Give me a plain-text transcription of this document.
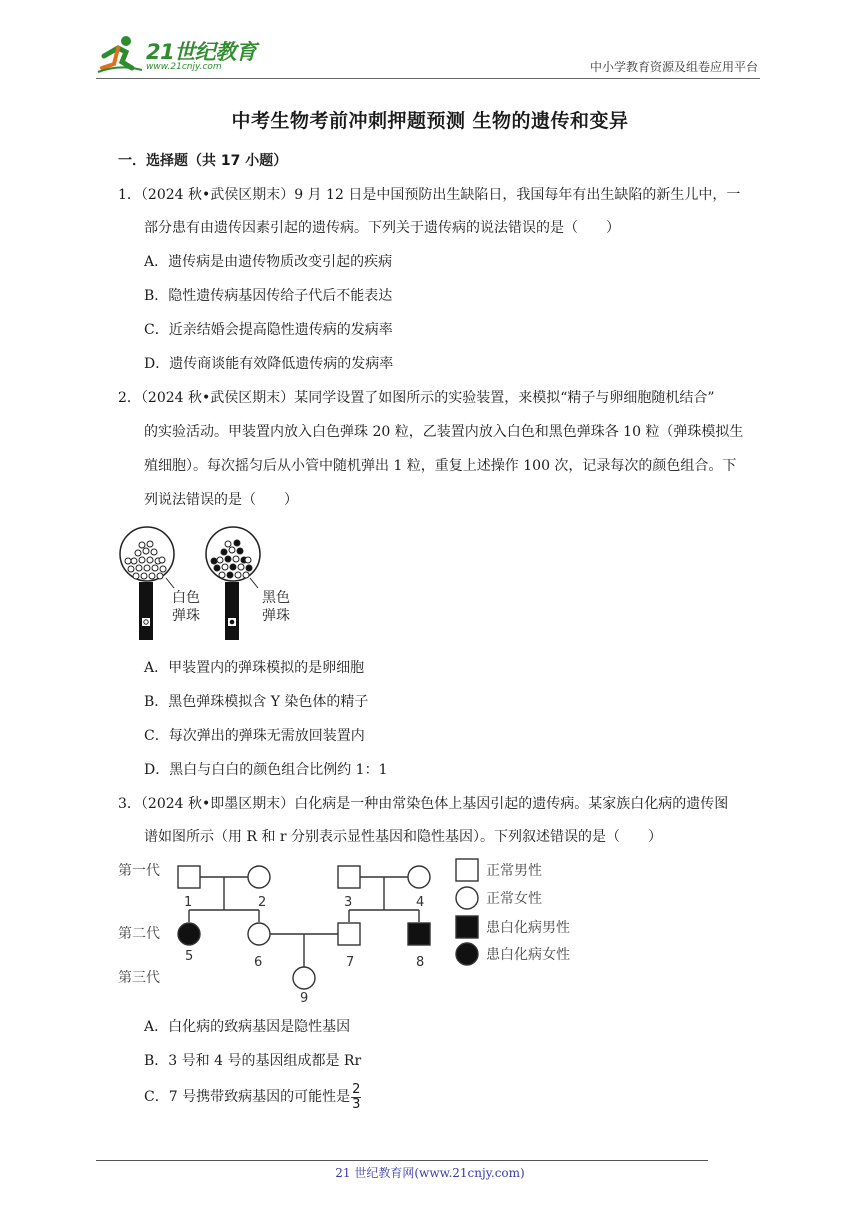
21世纪教育
www.21cnjy.com	中小学教育资源及组卷应用平台
中考生物考前冲刺押题预测 生物的遗传和变异
一．选择题（共 17 小题）
1．（2024 秋•武侯区期末）9 月 12 日是中国预防出生缺陷日，我国每年有出生缺陷的新生儿中，一
部分患有由遗传因素引起的遗传病。下列关于遗传病的说法错误的是（　　）
A．遗传病是由遗传物质改变引起的疾病
B．隐性遗传病基因传给子代后不能表达
C．近亲结婚会提高隐性遗传病的发病率
D．遗传商谈能有效降低遗传病的发病率
2．（2024 秋•武侯区期末）某同学设置了如图所示的实验装置，来模拟“精子与卵细胞随机结合”
的实验活动。甲装置内放入白色弹珠 20 粒，乙装置内放入白色和黑色弹珠各 10 粒（弹珠模拟生
殖细胞）。每次摇匀后从小管中随机弹出 1 粒，重复上述操作 100 次，记录每次的颜色组合。下
列说法错误的是（　　）
白色
弹珠
黑色
弹珠
A．甲装置内的弹珠模拟的是卵细胞
B．黑色弹珠模拟含 Y 染色体的精子
C．每次弹出的弹珠无需放回装置内
D．黑白与白白的颜色组合比例约 1：1
3．（2024 秋•即墨区期末）白化病是一种由常染色体上基因引起的遗传病。某家族白化病的遗传图
谱如图所示（用 R 和 r 分别表示显性基因和隐性基因）。下列叙述错误的是（　　）
第一代
第二代
第三代
1	2	3	4
5	6	7	8
9
正常男性
正常女性
患白化病男性
患白化病女性
A．白化病的致病基因是隐性基因
B．3 号和 4 号的基因组成都是 Rr
C．7 号携带致病基因的可能性是 $\frac{2}{3}$
21 世纪教育网(www.21cnjy.com)
